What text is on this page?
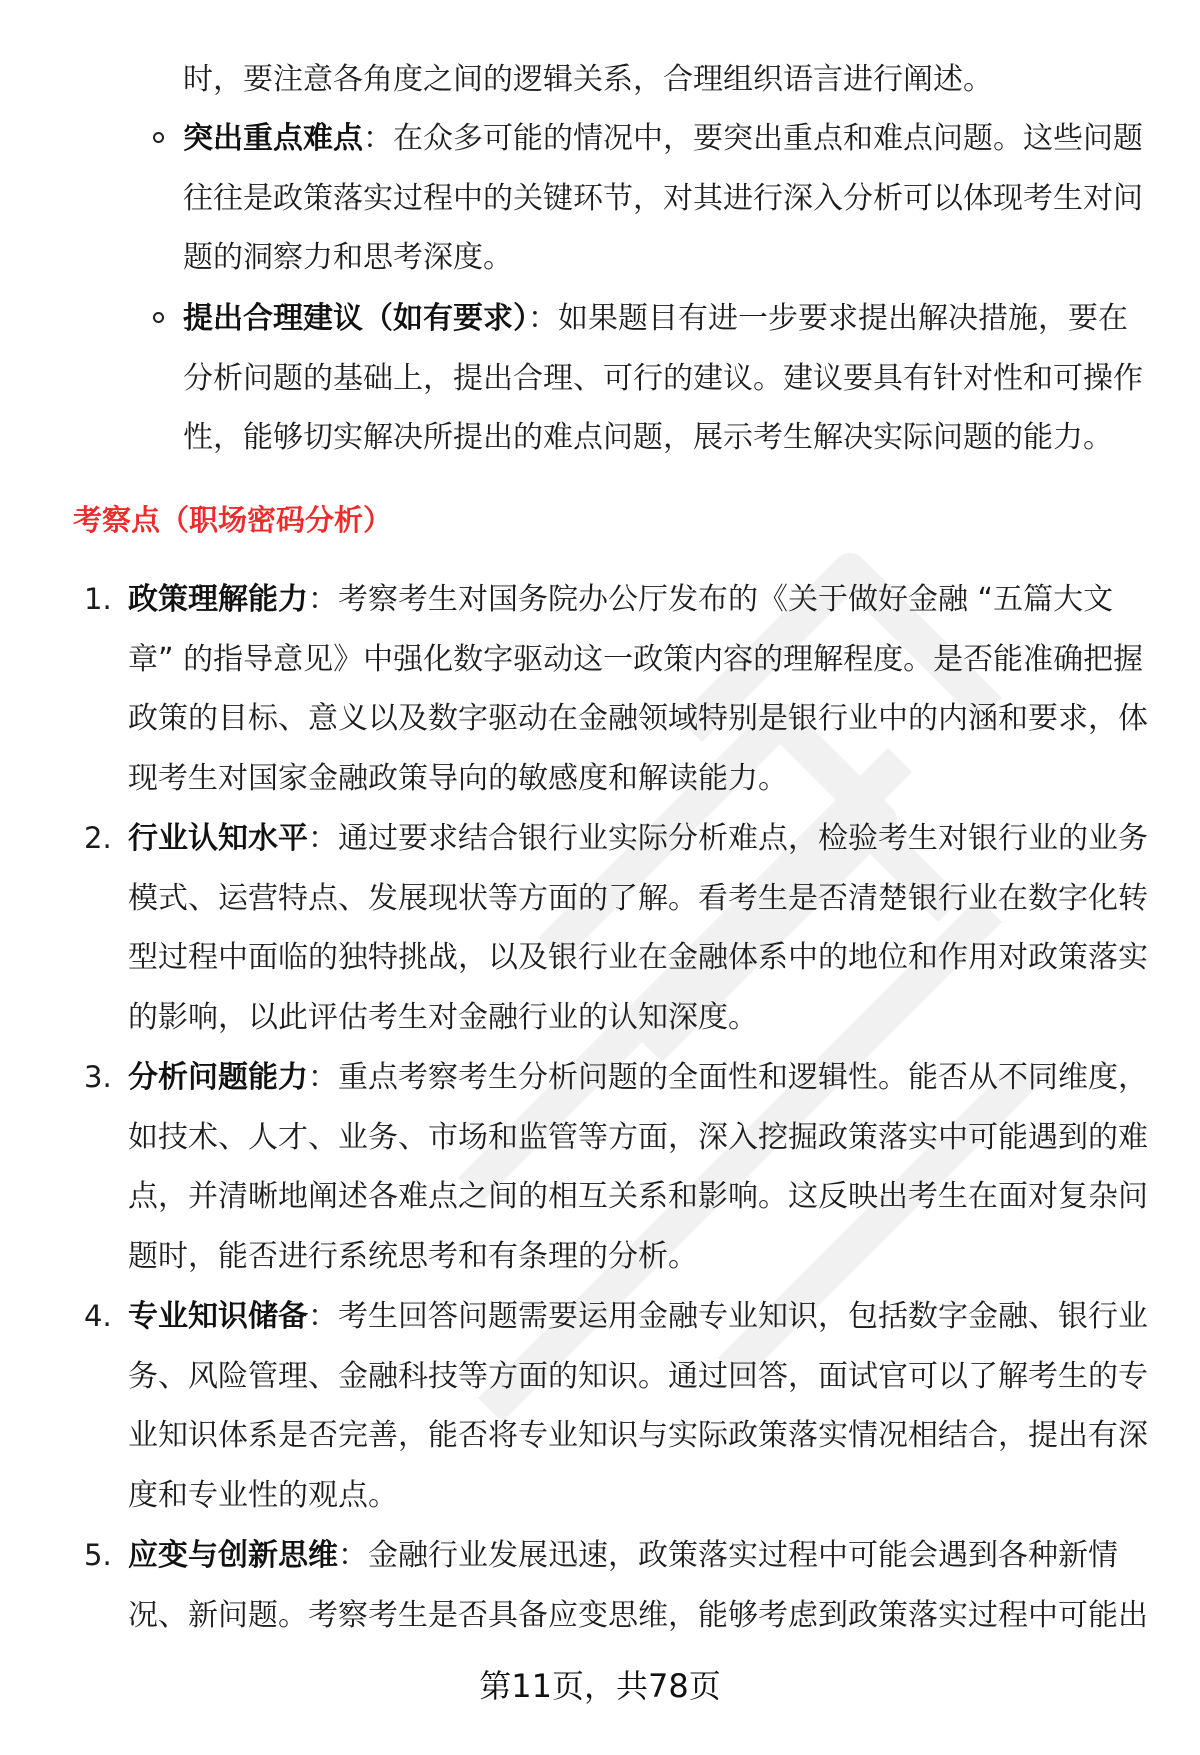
时，要注意各角度之间的逻辑关系，合理组织语言进行阐述。
突出重点难点：在众多可能的情况中，要突出重点和难点问题。这些问题
往往是政策落实过程中的关键环节，对其进行深入分析可以体现考生对问
题的洞察力和思考深度。
提出合理建议（如有要求）：如果题目有进一步要求提出解决措施，要在
分析问题的基础上，提出合理、可行的建议。建议要具有针对性和可操作
性，能够切实解决所提出的难点问题，展示考生解决实际问题的能力。
考察点（职场密码分析）
1. 政策理解能力：考察考生对国务院办公厅发布的《关于做好金融 “五篇大文
章” 的指导意见》中强化数字驱动这一政策内容的理解程度。是否能准确把握
政策的目标、意义以及数字驱动在金融领域特别是银行业中的内涵和要求，体
现考生对国家金融政策导向的敏感度和解读能力。
2. 行业认知水平：通过要求结合银行业实际分析难点，检验考生对银行业的业务
模式、运营特点、发展现状等方面的了解。看考生是否清楚银行业在数字化转
型过程中面临的独特挑战，以及银行业在金融体系中的地位和作用对政策落实
的影响，以此评估考生对金融行业的认知深度。
3. 分析问题能力：重点考察考生分析问题的全面性和逻辑性。能否从不同维度，
如技术、人才、业务、市场和监管等方面，深入挖掘政策落实中可能遇到的难
点，并清晰地阐述各难点之间的相互关系和影响。这反映出考生在面对复杂问
题时，能否进行系统思考和有条理的分析。
4. 专业知识储备：考生回答问题需要运用金融专业知识，包括数字金融、银行业
务、风险管理、金融科技等方面的知识。通过回答，面试官可以了解考生的专
业知识体系是否完善，能否将专业知识与实际政策落实情况相结合，提出有深
度和专业性的观点。
5. 应变与创新思维：金融行业发展迅速，政策落实过程中可能会遇到各种新情
况、新问题。考察考生是否具备应变思维，能够考虑到政策落实过程中可能出
第11页，共78页
